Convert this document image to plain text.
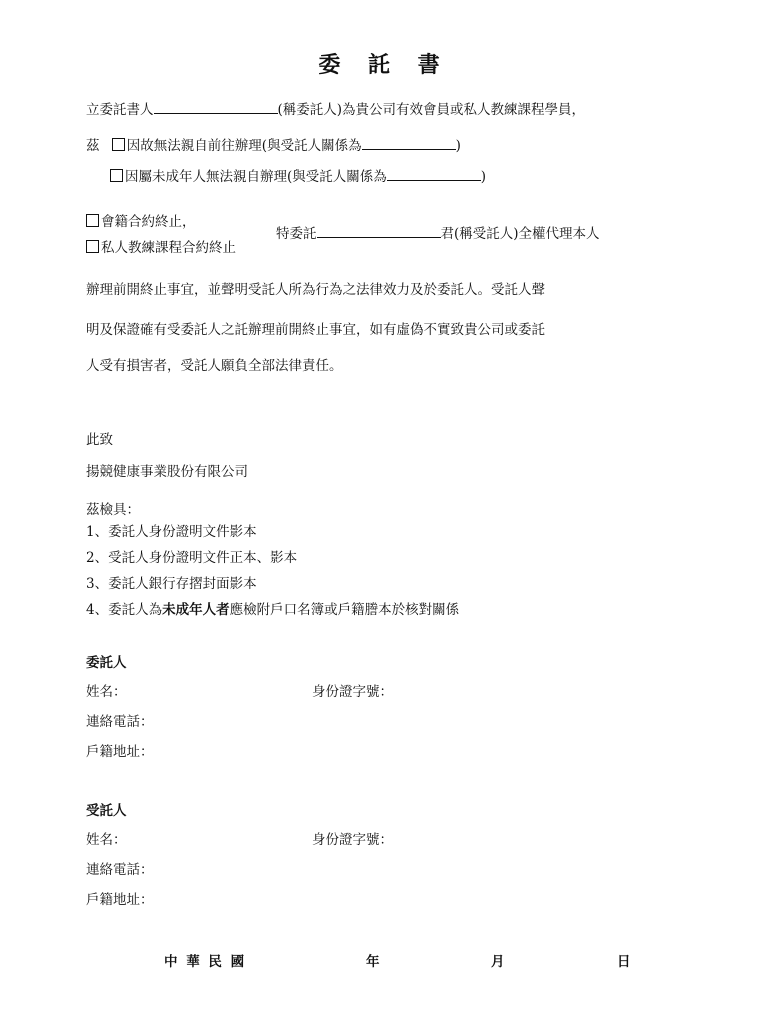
委 託 書
立委託書人	(稱委託人)為貴公司有效會員或私人教練課程學員，
茲 因故無法親自前往辦理(與受託人關係為	)
因屬未成年人無法親自辦理(與受託人關係為	)
會籍合約終止，
私人教練課程合約終止
特委託	君(稱受託人)全權代理本人
辦理前開終止事宜，並聲明受託人所為行為之法律效力及於委託人。受託人聲
明及保證確有受委託人之託辦理前開終止事宜，如有虛偽不實致貴公司或委託
人受有損害者，受託人願負全部法律責任。
此致
揚競健康事業股份有限公司
茲檢具：
1、委託人身份證明文件影本
2、受託人身份證明文件正本、影本
3、委託人銀行存摺封面影本
4、委託人為未成年人者應檢附戶口名簿或戶籍謄本於核對關係
委託人
姓名：	身份證字號：
連絡電話：
戶籍地址：
受託人
姓名：	身份證字號：
連絡電話：
戶籍地址：
中 華 民 國	年	月	日
